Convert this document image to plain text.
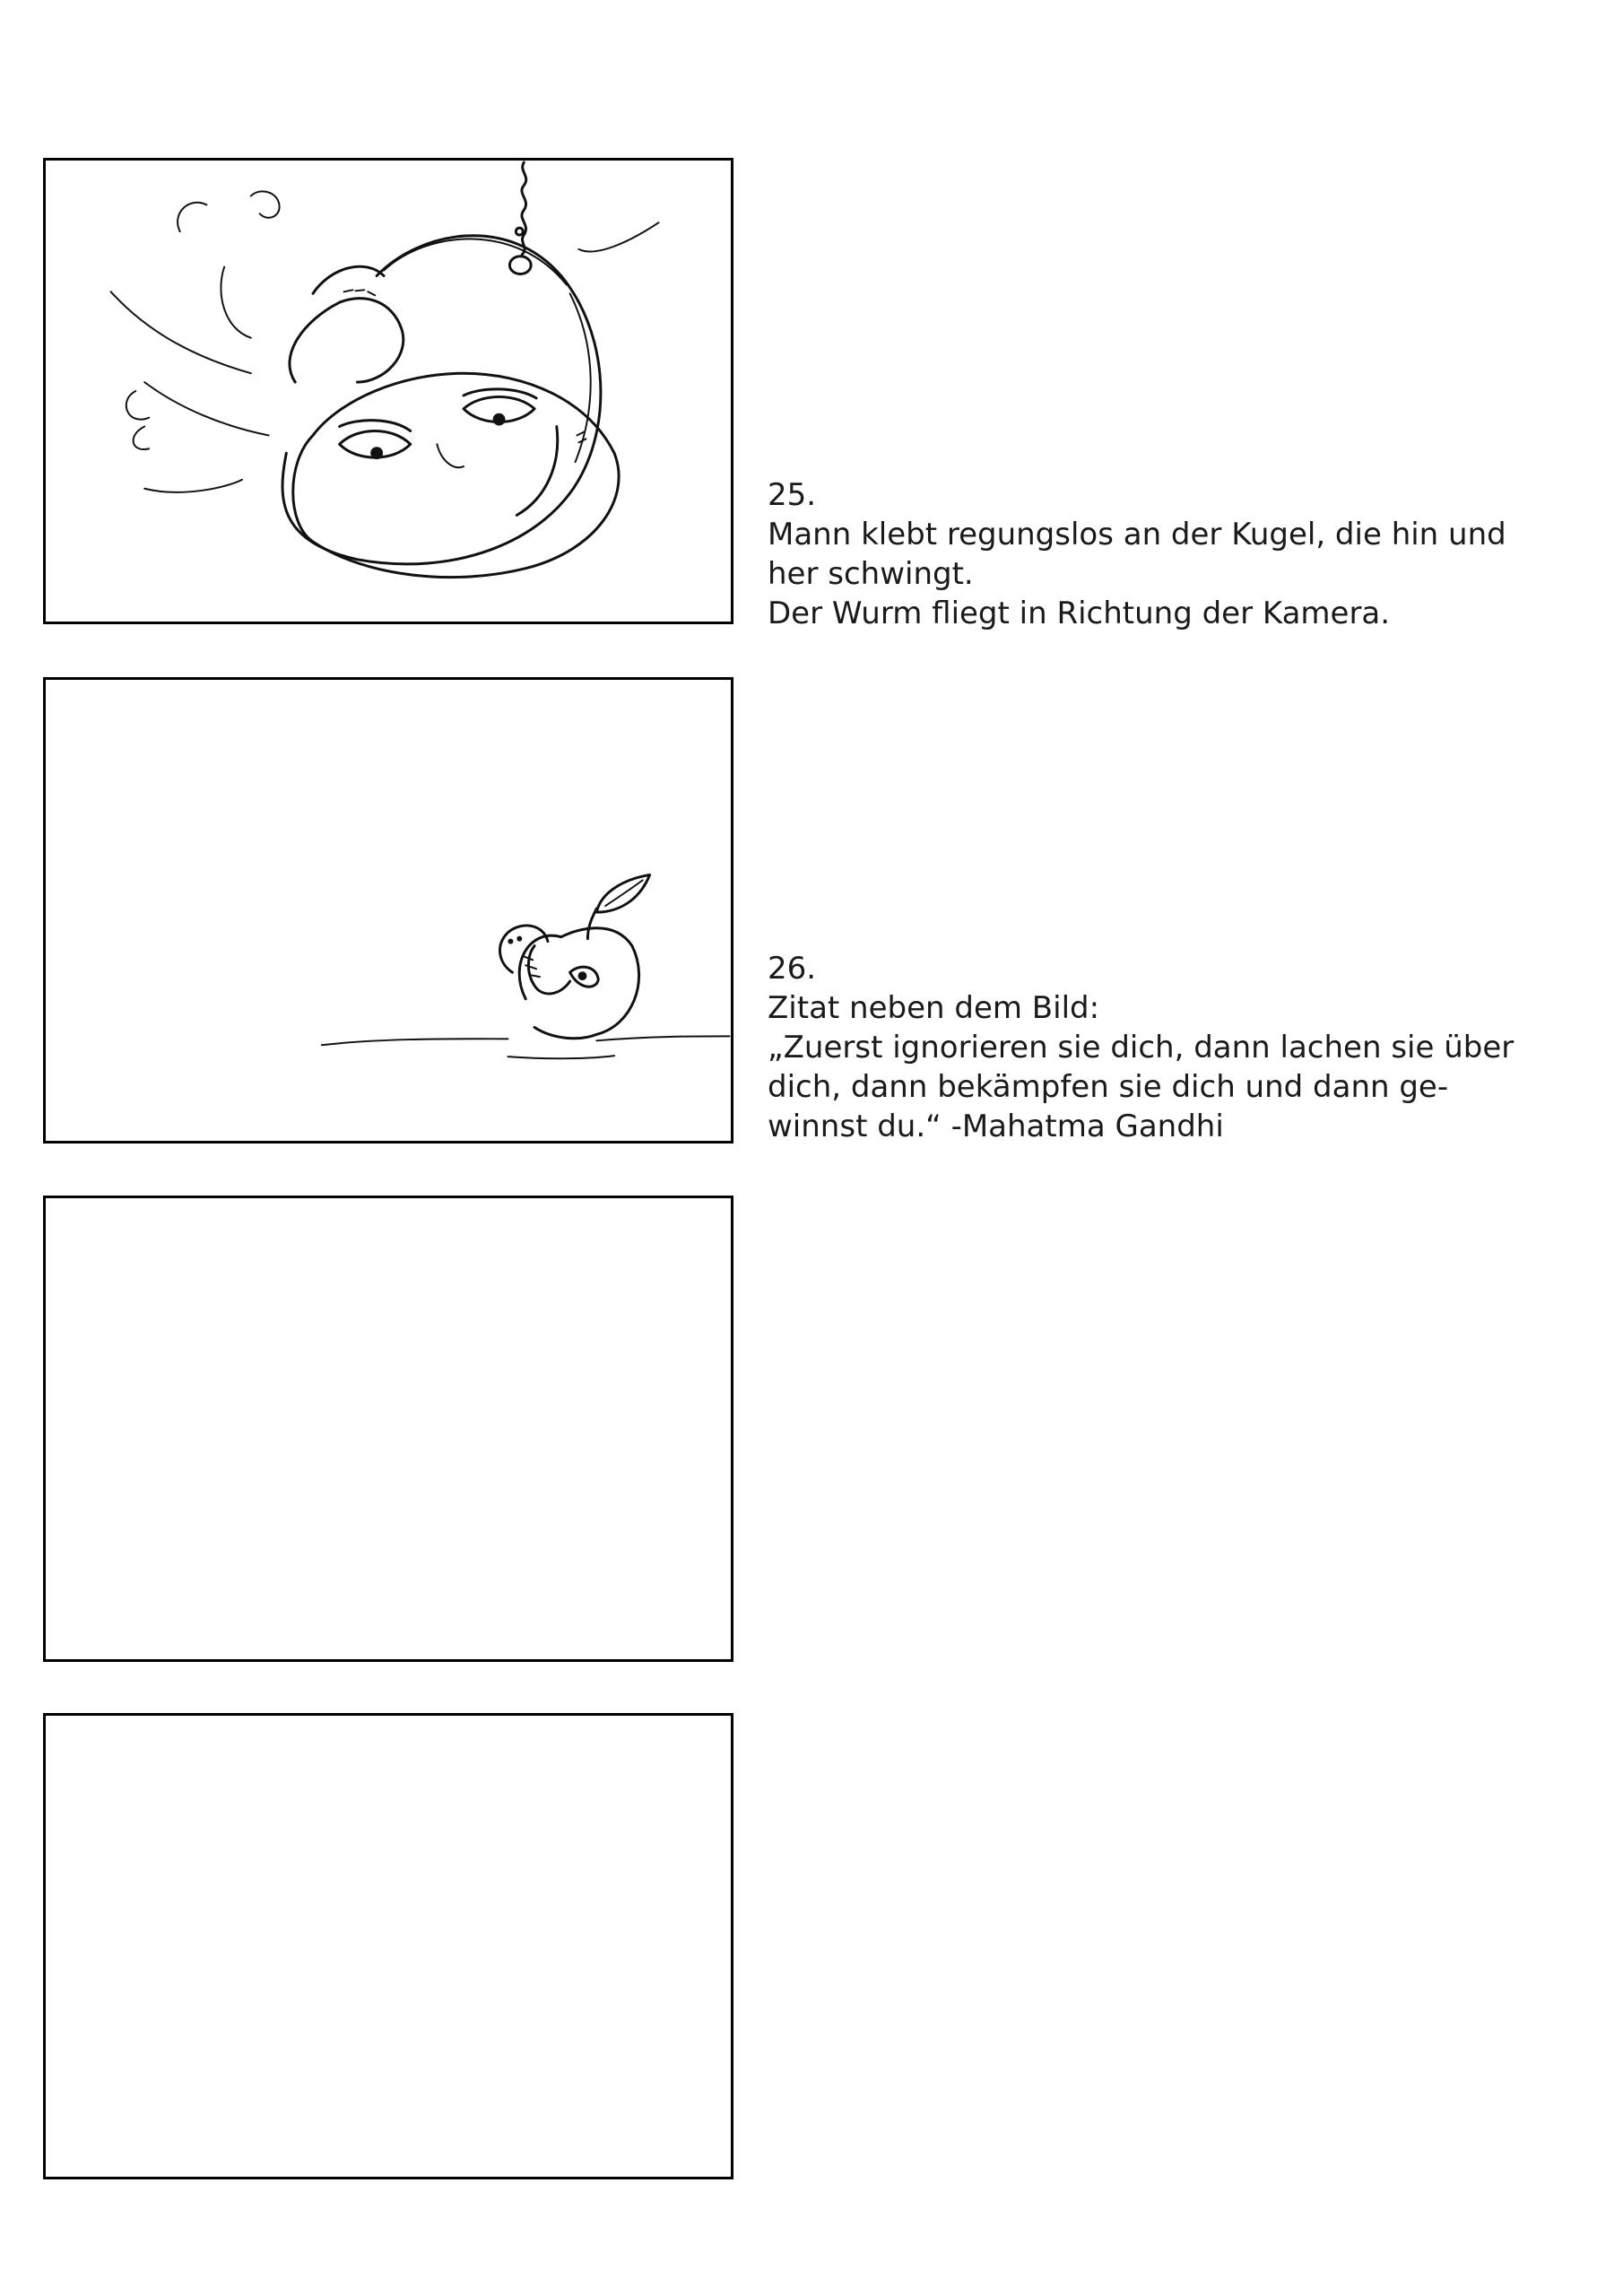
25.

Mann klebt regungslos an der Kugel, die hin und
her schwingt.
Der Wurm fliegt in Richtung der Kamera.

26.

Zitat neben dem Bild:
„Zuerst ignorieren sie dich, dann lachen sie über
dich, dann bekämpfen sie dich und dann ge-
winnst du.“ -Mahatma Gandhi
